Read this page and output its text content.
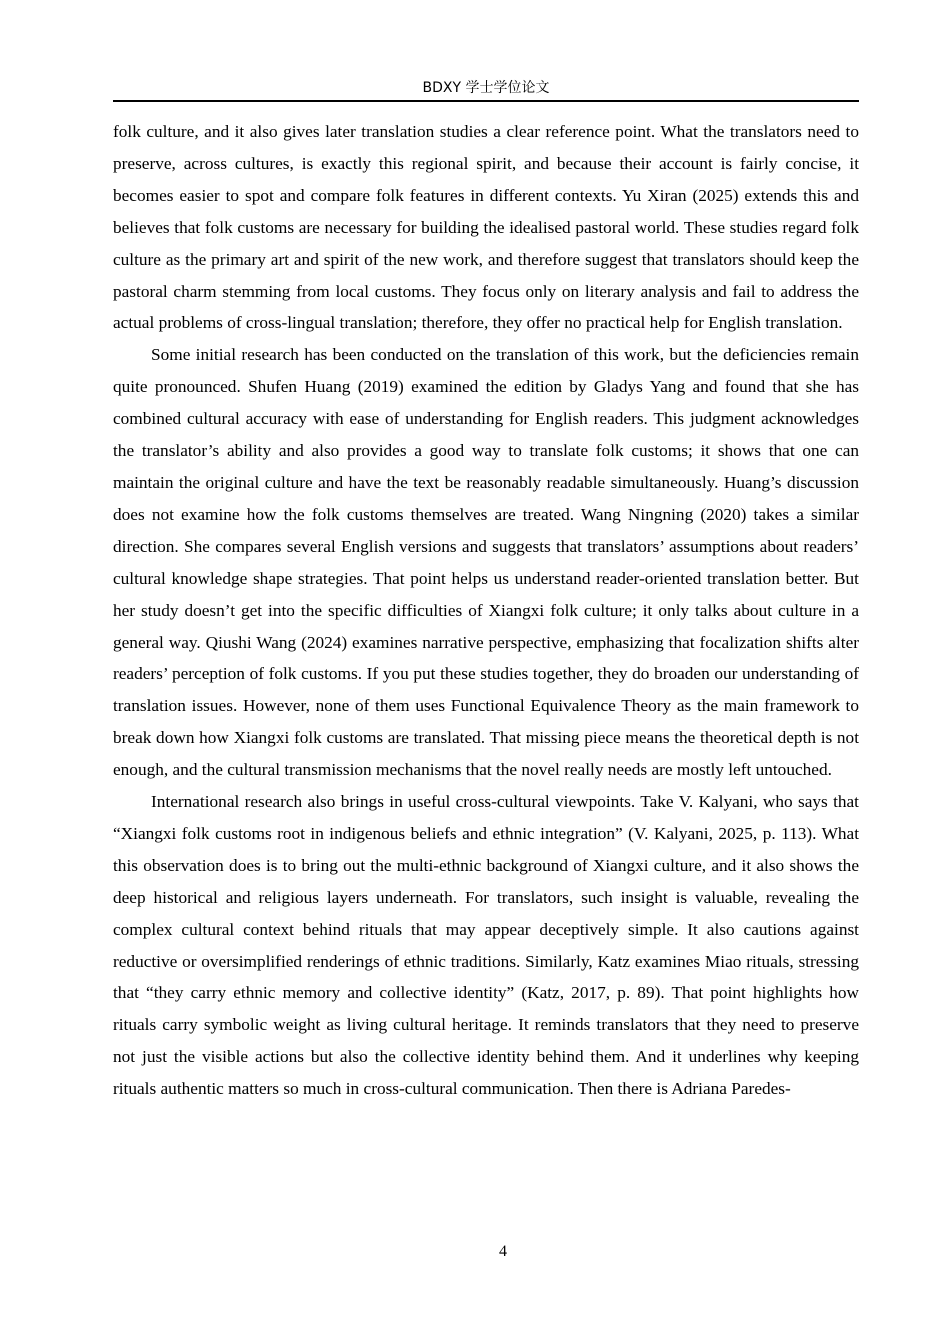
BDXY 学士学位论文

folk culture, and it also gives later translation studies a clear reference point. What the translators need to preserve, across cultures, is exactly this regional spirit, and because their account is fairly concise, it becomes easier to spot and compare folk features in different contexts. Yu Xiran (2025) extends this and believes that folk customs are necessary for building the idealised pastoral world. These studies regard folk culture as the primary art and spirit of the new work, and therefore suggest that translators should keep the pastoral charm stemming from local customs. They focus only on literary analysis and fail to address the actual problems of cross-lingual translation; therefore, they offer no practical help for English translation.

Some initial research has been conducted on the translation of this work, but the deficiencies remain quite pronounced. Shufen Huang (2019) examined the edition by Gladys Yang and found that she has combined cultural accuracy with ease of understanding for English readers. This judgment acknowledges the translator’s ability and also provides a good way to translate folk customs; it shows that one can maintain the original culture and have the text be reasonably readable simultaneously. Huang’s discussion does not examine how the folk customs themselves are treated. Wang Ningning (2020) takes a similar direction. She compares several English versions and suggests that translators’ assumptions about readers’ cultural knowledge shape strategies. That point helps us understand reader-oriented translation better. But her study doesn’t get into the specific difficulties of Xiangxi folk culture; it only talks about culture in a general way. Qiushi Wang (2024) examines narrative perspective, emphasizing that focalization shifts alter readers’ perception of folk customs. If you put these studies together, they do broaden our understanding of translation issues. However, none of them uses Functional Equivalence Theory as the main framework to break down how Xiangxi folk customs are translated. That missing piece means the theoretical depth is not enough, and the cultural transmission mechanisms that the novel really needs are mostly left untouched.

International research also brings in useful cross-cultural viewpoints. Take V. Kalyani, who says that “Xiangxi folk customs root in indigenous beliefs and ethnic integration” (V. Kalyani, 2025, p. 113). What this observation does is to bring out the multi-ethnic background of Xiangxi culture, and it also shows the deep historical and religious layers underneath. For translators, such insight is valuable, revealing the complex cultural context behind rituals that may appear deceptively simple. It also cautions against reductive or oversimplified renderings of ethnic traditions. Similarly, Katz examines Miao rituals, stressing that “they carry ethnic memory and collective identity” (Katz, 2017, p. 89). That point highlights how rituals carry symbolic weight as living cultural heritage. It reminds translators that they need to preserve not just the visible actions but also the collective identity behind them. And it underlines why keeping rituals authentic matters so much in cross-cultural communication. Then there is Adriana Paredes-

4
